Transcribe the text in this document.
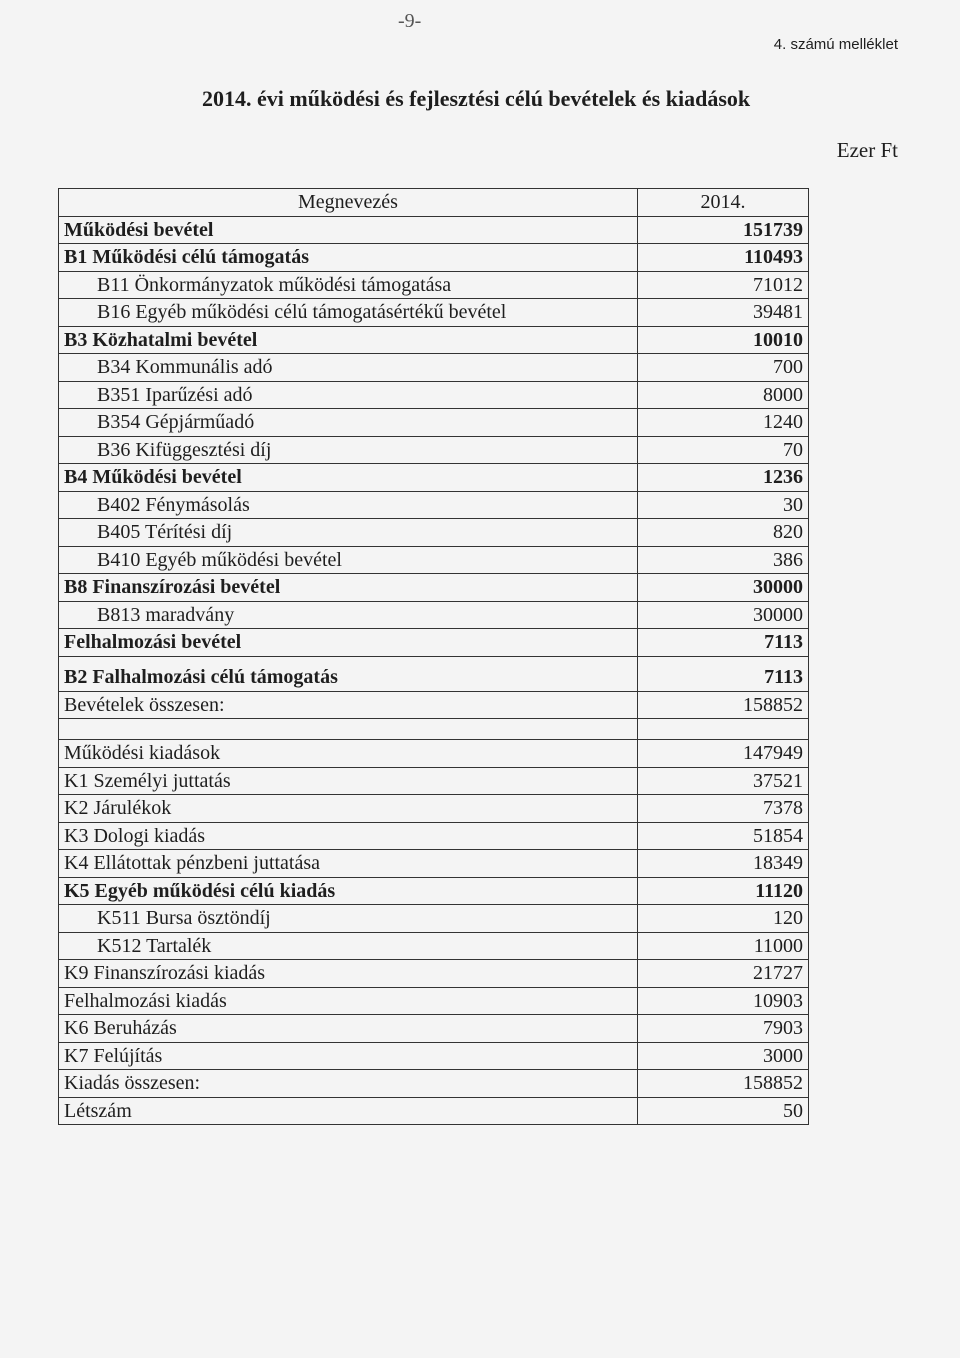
-9-
4. számú melléklet
2014. évi működési és fejlesztési célú bevételek és kiadások
Ezer Ft
Megnevezés	2014.
Működési bevétel	151739
B1 Működési célú támogatás	110493
B11 Önkormányzatok működési támogatása	71012
B16 Egyéb működési célú támogatásértékű bevétel	39481
B3 Közhatalmi bevétel	10010
B34 Kommunális adó	700
B351 Iparűzési adó	8000
B354 Gépjárműadó	1240
B36 Kifüggesztési díj	70
B4 Működési bevétel	1236
B402 Fénymásolás	30
B405 Térítési díj	820
B410 Egyéb működési bevétel	386
B8 Finanszírozási bevétel	30000
B813 maradvány	30000
Felhalmozási bevétel	7113
B2 Falhalmozási célú támogatás	7113
Bevételek összesen:	158852

Működési kiadások	147949
K1 Személyi juttatás	37521
K2 Járulékok	7378
K3 Dologi kiadás	51854
K4 Ellátottak pénzbeni juttatása	18349
K5 Egyéb működési célú kiadás	11120
K511 Bursa ösztöndíj	120
K512 Tartalék	11000
K9 Finanszírozási kiadás	21727
Felhalmozási kiadás	10903
K6 Beruházás	7903
K7 Felújítás	3000
Kiadás összesen:	158852
Létszám	50
